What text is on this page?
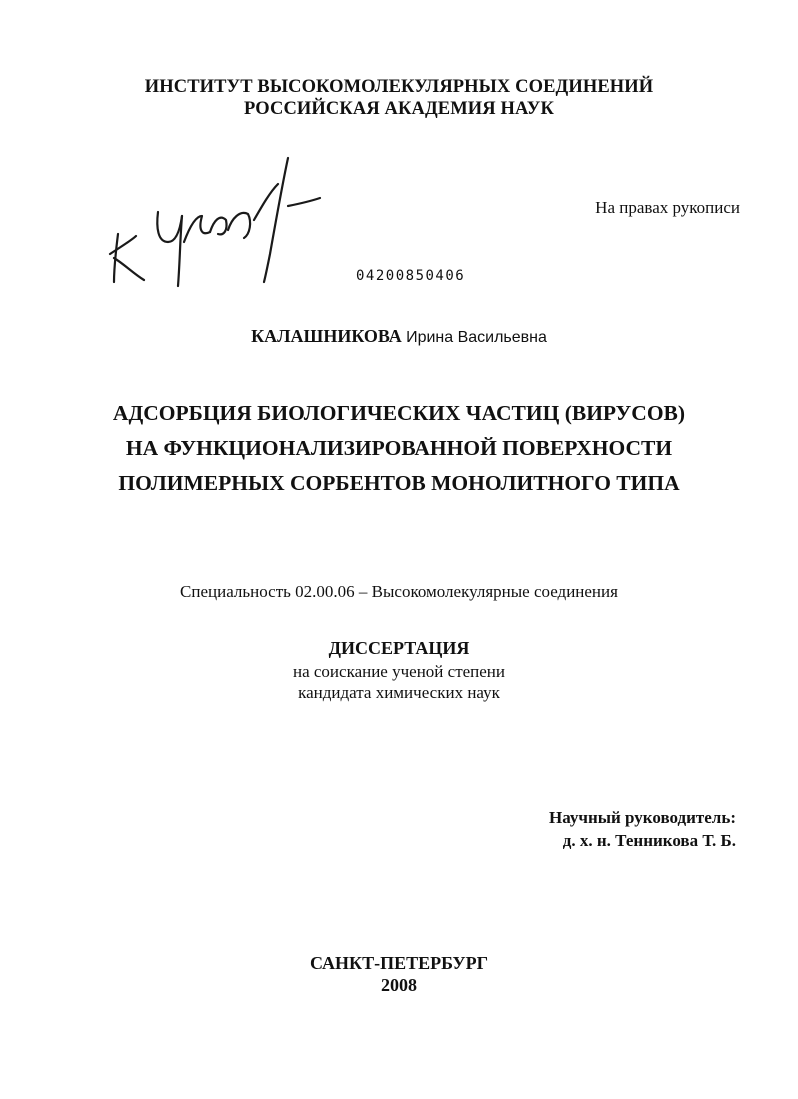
ИНСТИТУТ ВЫСОКОМОЛЕКУЛЯРНЫХ СОЕДИНЕНИЙ
РОССИЙСКАЯ АКАДЕМИЯ НАУК
На правах рукописи
04200850406
КАЛАШНИКОВА Ирина Васильевна
АДСОРБЦИЯ БИОЛОГИЧЕСКИХ ЧАСТИЦ (ВИРУСОВ)
НА ФУНКЦИОНАЛИЗИРОВАННОЙ ПОВЕРХНОСТИ
ПОЛИМЕРНЫХ СОРБЕНТОВ МОНОЛИТНОГО ТИПА
Специальность 02.00.06 – Высокомолекулярные соединения
ДИССЕРТАЦИЯ
на соискание ученой степени
кандидата химических наук
Научный руководитель:
д. х. н. Тенникова Т. Б.
САНКТ-ПЕТЕРБУРГ
2008
